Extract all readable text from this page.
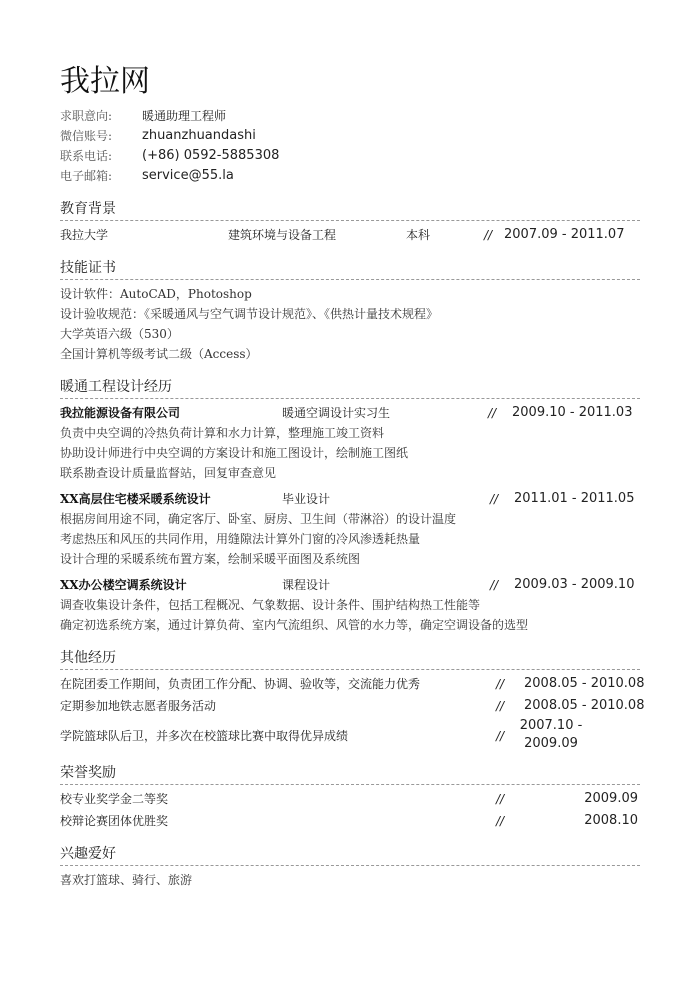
我拉网
求职意向:	暖通助理工程师
微信账号:	zhuanzhuandashi
联系电话:	(+86) 0592-5885308
电子邮箱:	service@55.la
教育背景
我拉大学	建筑环境与设备工程	本科	// 2007.09 - 2011.07
技能证书
设计软件：AutoCAD，Photoshop
设计验收规范：《采暖通风与空气调节设计规范》、《供热计量技术规程》
大学英语六级（530）
全国计算机等级考试二级（Access）
暖通工程设计经历
我拉能源设备有限公司	暖通空调设计实习生	// 2009.10 - 2011.03
负责中央空调的冷热负荷计算和水力计算，整理施工竣工资料
协助设计师进行中央空调的方案设计和施工图设计，绘制施工图纸
联系勘查设计质量监督站，回复审查意见
XX高层住宅楼采暖系统设计	毕业设计	// 2011.01 - 2011.05
根据房间用途不同，确定客厅、卧室、厨房、卫生间（带淋浴）的设计温度
考虑热压和风压的共同作用，用缝隙法计算外门窗的冷风渗透耗热量
设计合理的采暖系统布置方案，绘制采暖平面图及系统图
XX办公楼空调系统设计	课程设计	// 2009.03 - 2009.10
调查收集设计条件，包括工程概况、气象数据、设计条件、围护结构热工性能等
确定初选系统方案，通过计算负荷、室内气流组织、风管的水力等，确定空调设备的选型
其他经历
在院团委工作期间，负责团工作分配、协调、验收等，交流能力优秀	// 2008.05 - 2010.08
定期参加地铁志愿者服务活动	// 2008.05 - 2010.08
学院篮球队后卫，并多次在校篮球比赛中取得优异成绩	//
2007.10 -
2009.09
荣誉奖励
校专业奖学金二等奖	//	2009.09
校辩论赛团体优胜奖	//	2008.10
兴趣爱好
喜欢打篮球、骑行、旅游
